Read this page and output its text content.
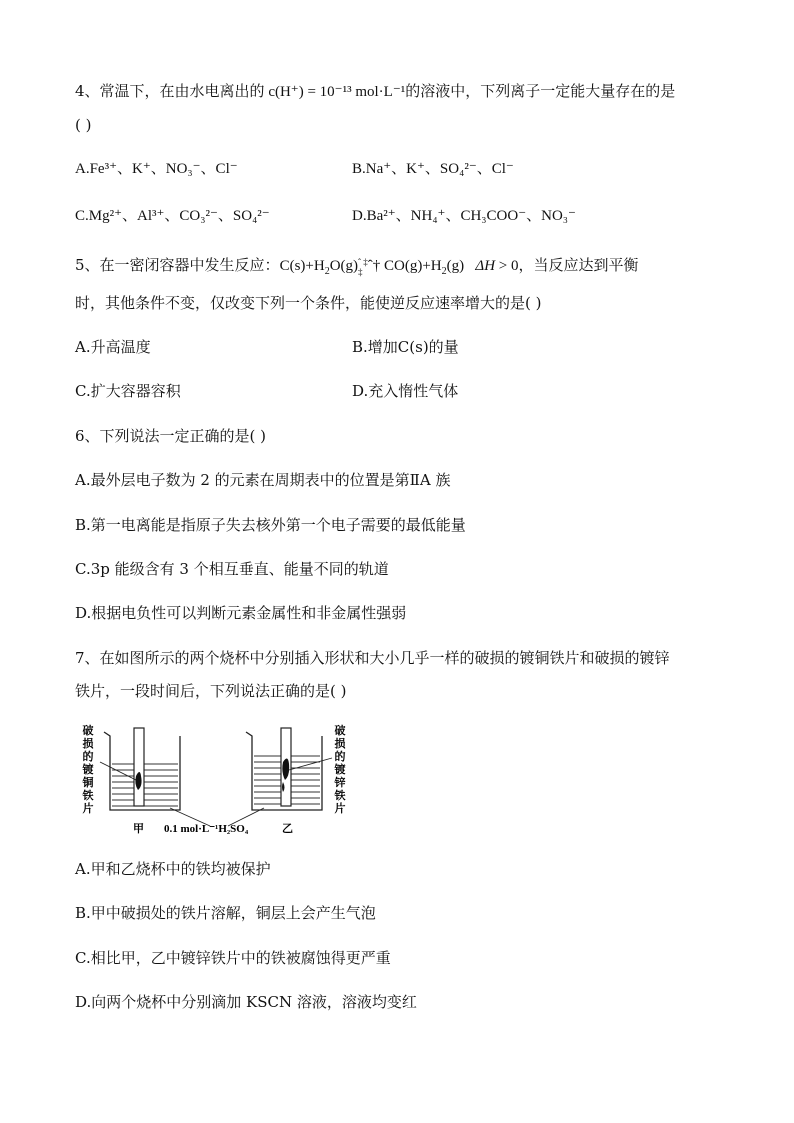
4、常温下，在由水电离出的 c(H⁺) = 10⁻¹³ mol·L⁻¹的溶液中，下列离子一定能大量存在的是
( )
A.Fe³⁺、K⁺、NO₃⁻、Cl⁻	B.Na⁺、K⁺、SO₄²⁻、Cl⁻
C.Mg²⁺、Al³⁺、CO₃²⁻、SO₄²⁻	D.Ba²⁺、NH₄⁺、CH₃COO⁻、NO₃⁻
5、在一密闭容器中发生反应：$C(s)+H_2O(g)$ ˆ ‡
‡ ˆ† $CO(g)+H_2(g) \Delta H > 0$，当反应达到平衡
时，其他条件不变，仅改变下列一个条件，能使逆反应速率增大的是( )
A.升高温度	B.增加C(s)的量
C.扩大容器容积	D.充入惰性气体
6、下列说法一定正确的是( )
A.最外层电子数为 2 的元素在周期表中的位置是第ⅡA 族
B.第一电离能是指原子失去核外第一个电子需要的最低能量
C.3p 能级含有 3 个相互垂直、能量不同的轨道
D.根据电负性可以判断元素金属性和非金属性强弱
7、在如图所示的两个烧杯中分别插入形状和大小几乎一样的破损的镀铜铁片和破损的镀锌
铁片，一段时间后，下列说法正确的是( )
破损的镀铜铁片
破损的镀锌铁片
甲 0.1 mol·L⁻¹H₂SO₄	乙
A.甲和乙烧杯中的铁均被保护
B.甲中破损处的铁片溶解，铜层上会产生气泡
C.相比甲，乙中镀锌铁片中的铁被腐蚀得更严重
D.向两个烧杯中分别滴加 KSCN 溶液，溶液均变红
